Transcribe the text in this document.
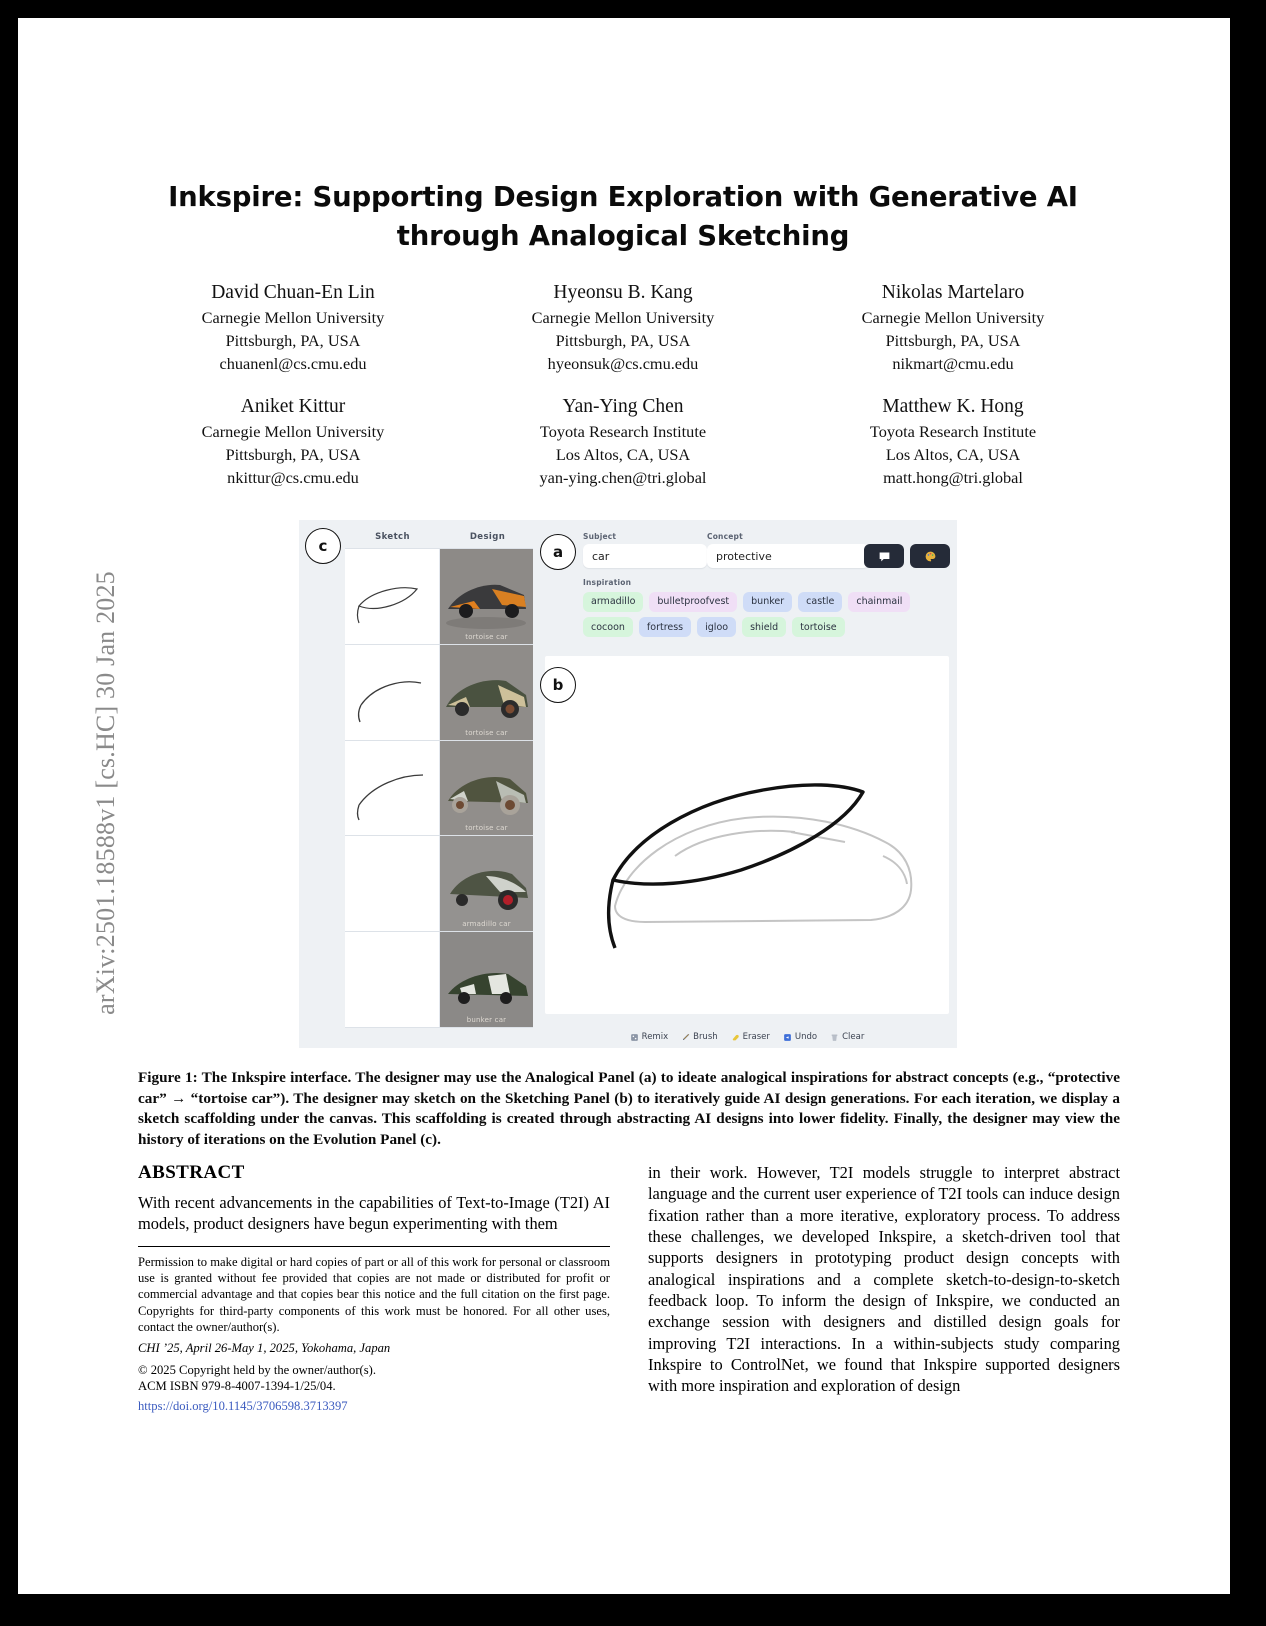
arXiv:2501.18588v1 [cs.HC] 30 Jan 2025
Inkspire: Supporting Design Exploration with Generative AI through Analogical Sketching
David Chuan-En Lin
Carnegie Mellon University
Pittsburgh, PA, USA
chuanenl@cs.cmu.edu
Hyeonsu B. Kang
Carnegie Mellon University
Pittsburgh, PA, USA
hyeonsuk@cs.cmu.edu
Nikolas Martelaro
Carnegie Mellon University
Pittsburgh, PA, USA
nikmart@cmu.edu
Aniket Kittur
Carnegie Mellon University
Pittsburgh, PA, USA
nkittur@cs.cmu.edu
Yan-Ying Chen
Toyota Research Institute
Los Altos, CA, USA
yan-ying.chen@tri.global
Matthew K. Hong
Toyota Research Institute
Los Altos, CA, USA
matt.hong@tri.global
Sketch	Design
tortoise car
tortoise car
tortoise car
armadillo car
bunker car
Subject
car
Concept
protective
Inspiration
armadillo bulletproofvest bunker castle chainmailcocoon fortress igloo shield tortoise
Remix	Brush	Eraser	Undo	Clear
c	a
b
Figure 1: The Inkspire interface. The designer may use the Analogical Panel (a) to ideate analogical inspirations for abstract concepts (e.g., “protective car” → “tortoise car”). The designer may sketch on the Sketching Panel (b) to iteratively guide AI design generations. For each iteration, we display a sketch scaffolding under the canvas. This scaffolding is created through abstracting AI designs into lower fidelity. Finally, the designer may view the history of iterations on the Evolution Panel (c).
ABSTRACT

With recent advancements in the capabilities of Text-to-Image (T2I) AI models, product designers have begun experimenting with them

Permission to make digital or hard copies of part or all of this work for personal or classroom use is granted without fee provided that copies are not made or distributed for profit or commercial advantage and that copies bear this notice and the full citation on the first page. Copyrights for third-party components of this work must be honored. For all other uses, contact the owner/author(s).

CHI ’25, April 26-May 1, 2025, Yokohama, Japan

© 2025 Copyright held by the owner/author(s).

ACM ISBN 979-8-4007-1394-1/25/04.

https://doi.org/10.1145/3706598.3713397

in their work. However, T2I models struggle to interpret abstract language and the current user experience of T2I tools can induce design fixation rather than a more iterative, exploratory process. To address these challenges, we developed Inkspire, a sketch-driven tool that supports designers in prototyping product design concepts with analogical inspirations and a complete sketch-to-design-to-sketch feedback loop. To inform the design of Inkspire, we conducted an exchange session with designers and distilled design goals for improving T2I interactions. In a within-subjects study comparing Inkspire to ControlNet, we found that Inkspire supported designers with more inspiration and exploration of design
